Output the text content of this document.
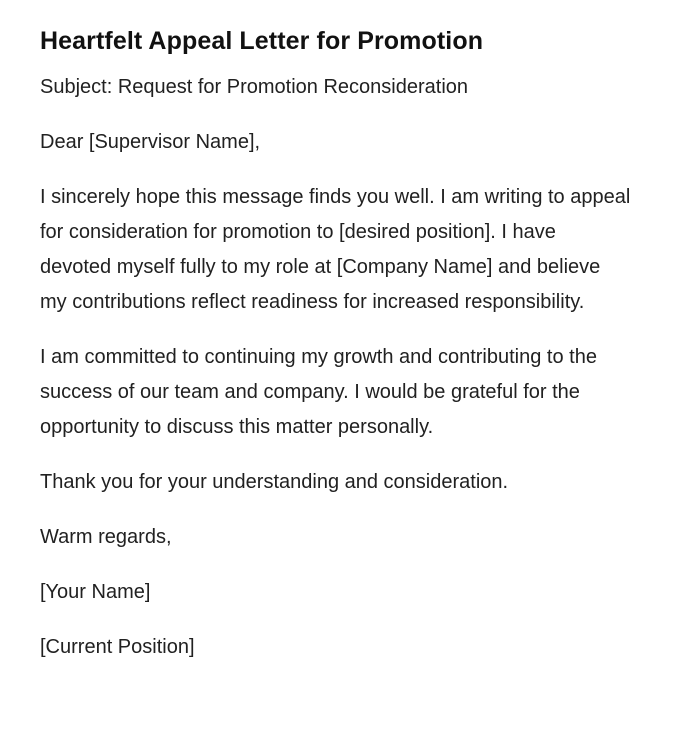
Heartfelt Appeal Letter for Promotion

Subject: Request for Promotion Reconsideration

Dear [Supervisor Name],

I sincerely hope this message finds you well. I am writing to appeal for consideration for promotion to [desired position]. I have devoted myself fully to my role at [Company Name] and believe my contributions reflect readiness for increased responsibility.

I am committed to continuing my growth and contributing to the success of our team and company. I would be grateful for the opportunity to discuss this matter personally.

Thank you for your understanding and consideration.

Warm regards,

[Your Name]

[Current Position]
